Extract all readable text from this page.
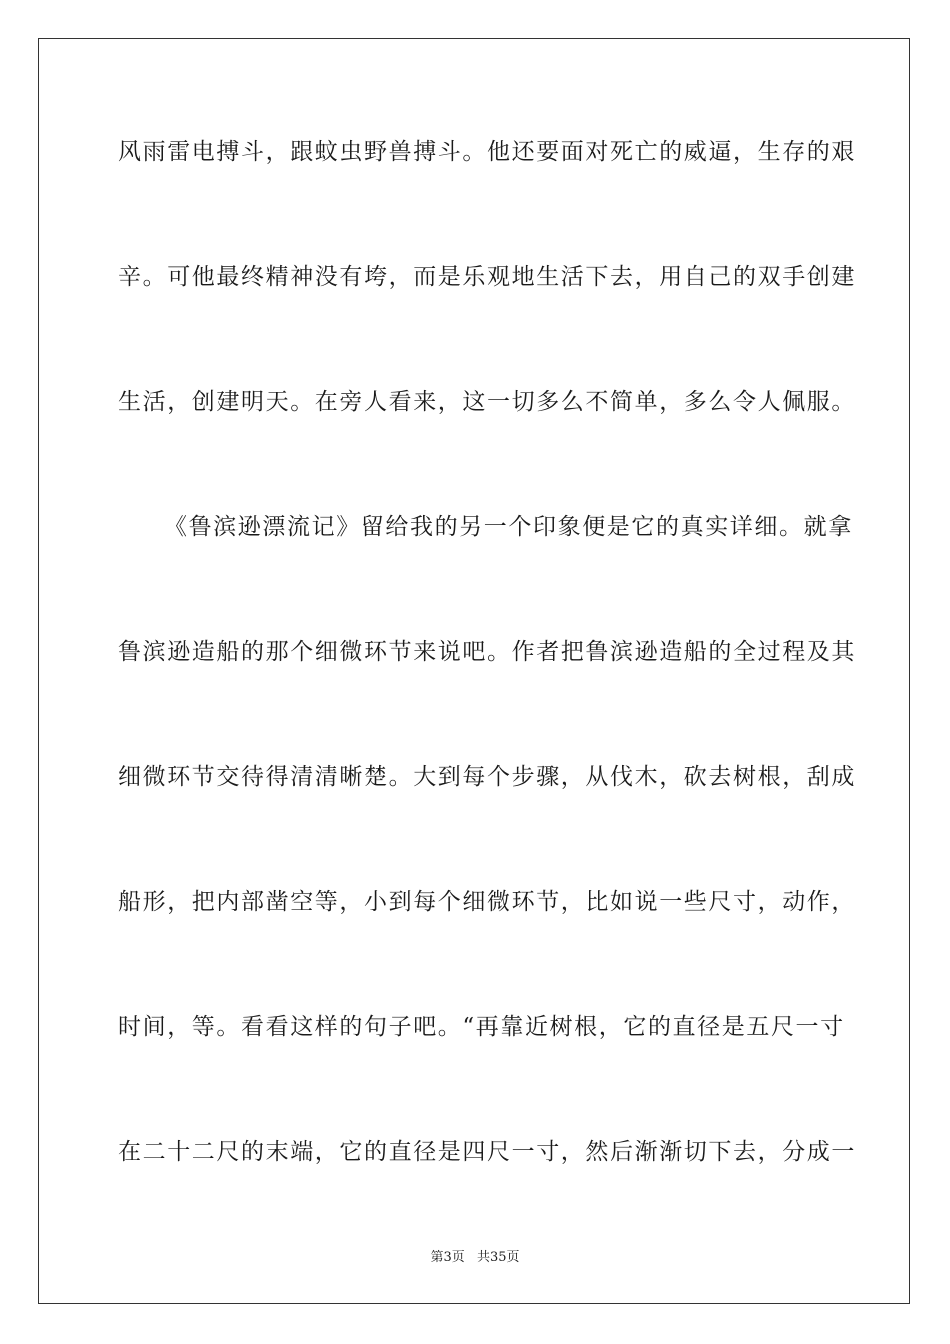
风雨雷电搏斗，跟蚊虫野兽搏斗。他还要面对死亡的威逼，生存的艰
辛。可他最终精神没有垮，而是乐观地生活下去，用自己的双手创建
生活，创建明天。在旁人看来，这一切多么不简单，多么令人佩服。
《鲁滨逊漂流记》留给我的另一个印象便是它的真实详细。就拿
鲁滨逊造船的那个细微环节来说吧。作者把鲁滨逊造船的全过程及其
细微环节交待得清清晰楚。大到每个步骤，从伐木，砍去树根，刮成
船形，把内部凿空等，小到每个细微环节，比如说一些尺寸，动作，
时间，等。看看这样的句子吧。“再靠近树根，它的直径是五尺一寸
在二十二尺的末端，它的直径是四尺一寸，然后渐渐切下去，分成一
第3页 共35页
